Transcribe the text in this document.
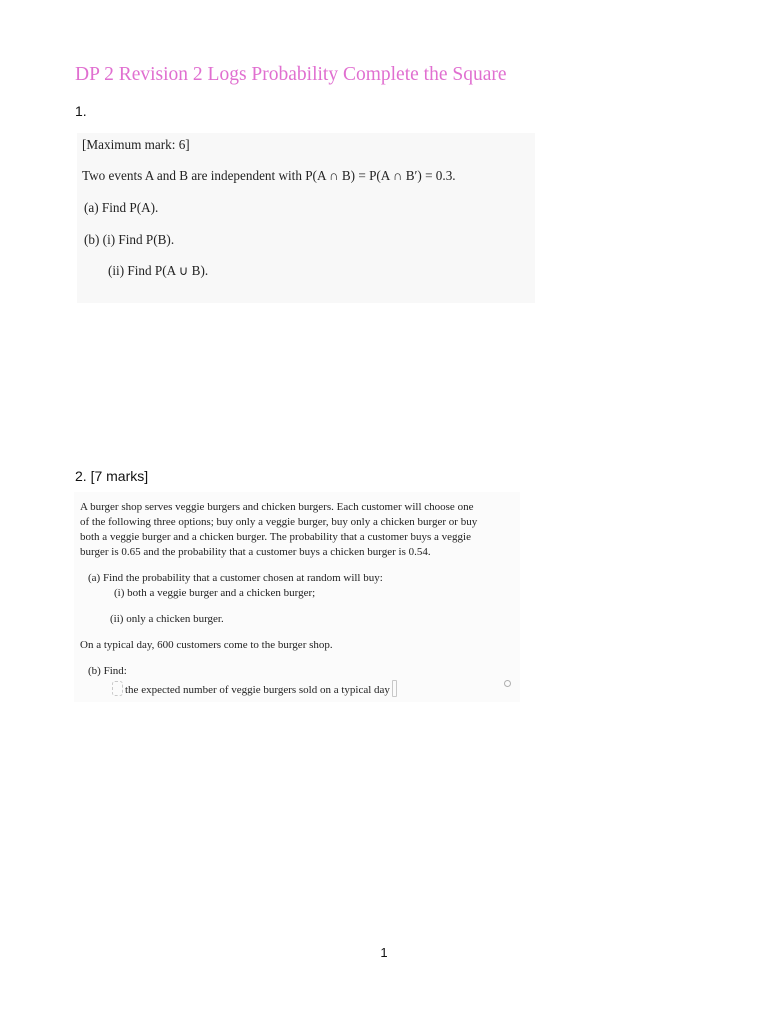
DP 2 Revision 2 Logs Probability Complete the Square
1.
[Maximum mark: 6]
Two events A and B are independent with P(A ∩ B) = P(A ∩ B′) = 0.3.
(a) Find P(A).
(b) (i) Find P(B).
(ii) Find P(A ∪ B).
2. [7 marks]
A burger shop serves veggie burgers and chicken burgers. Each customer will choose one
of the following three options; buy only a veggie burger, buy only a chicken burger or buy
both a veggie burger and a chicken burger. The probability that a customer buys a veggie
burger is 0.65 and the probability that a customer buys a chicken burger is 0.54.
(a) Find the probability that a customer chosen at random will buy:
(i) both a veggie burger and a chicken burger;
(ii) only a chicken burger.
On a typical day, 600 customers come to the burger shop.
(b) Find:
the expected number of veggie burgers sold on a typical day
1
